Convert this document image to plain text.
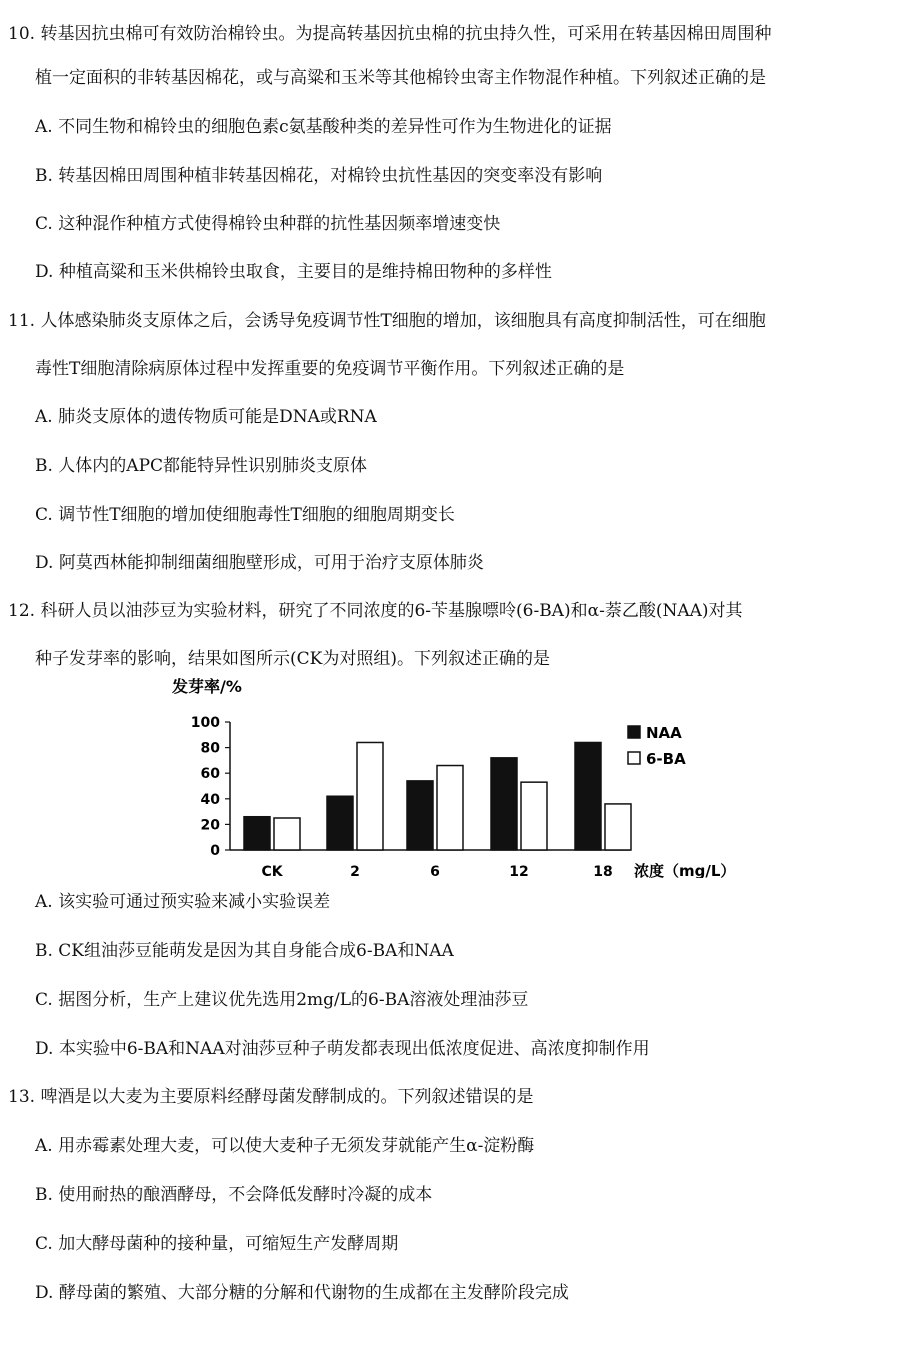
10. 转基因抗虫棉可有效防治棉铃虫。为提高转基因抗虫棉的抗虫持久性，可采用在转基因棉田周围种
植一定面积的非转基因棉花，或与高粱和玉米等其他棉铃虫寄主作物混作种植。下列叙述正确的是
A. 不同生物和棉铃虫的细胞色素c氨基酸种类的差异性可作为生物进化的证据
B. 转基因棉田周围种植非转基因棉花，对棉铃虫抗性基因的突变率没有影响
C. 这种混作种植方式使得棉铃虫种群的抗性基因频率增速变快
D. 种植高粱和玉米供棉铃虫取食，主要目的是维持棉田物种的多样性
11. 人体感染肺炎支原体之后，会诱导免疫调节性T细胞的增加，该细胞具有高度抑制活性，可在细胞
毒性T细胞清除病原体过程中发挥重要的免疫调节平衡作用。下列叙述正确的是
A. 肺炎支原体的遗传物质可能是DNA或RNA
B. 人体内的APC都能特异性识别肺炎支原体
C. 调节性T细胞的增加使细胞毒性T细胞的细胞周期变长
D. 阿莫西林能抑制细菌细胞壁形成，可用于治疗支原体肺炎
12. 科研人员以油莎豆为实验材料，研究了不同浓度的6-苄基腺嘌呤(6-BA)和α-萘乙酸(NAA)对其
种子发芽率的影响，结果如图所示(CK为对照组)。下列叙述正确的是
发芽率/%
0
20
40
60
80
100
CK	2	6	12	18 浓度（mg/L）
NAA
6-BA
A. 该实验可通过预实验来减小实验误差
B. CK组油莎豆能萌发是因为其自身能合成6-BA和NAA
C. 据图分析，生产上建议优先选用2mg/L的6-BA溶液处理油莎豆
D. 本实验中6-BA和NAA对油莎豆种子萌发都表现出低浓度促进、高浓度抑制作用
13. 啤酒是以大麦为主要原料经酵母菌发酵制成的。下列叙述错误的是
A. 用赤霉素处理大麦，可以使大麦种子无须发芽就能产生α-淀粉酶
B. 使用耐热的酿酒酵母，不会降低发酵时冷凝的成本
C. 加大酵母菌种的接种量，可缩短生产发酵周期
D. 酵母菌的繁殖、大部分糖的分解和代谢物的生成都在主发酵阶段完成
